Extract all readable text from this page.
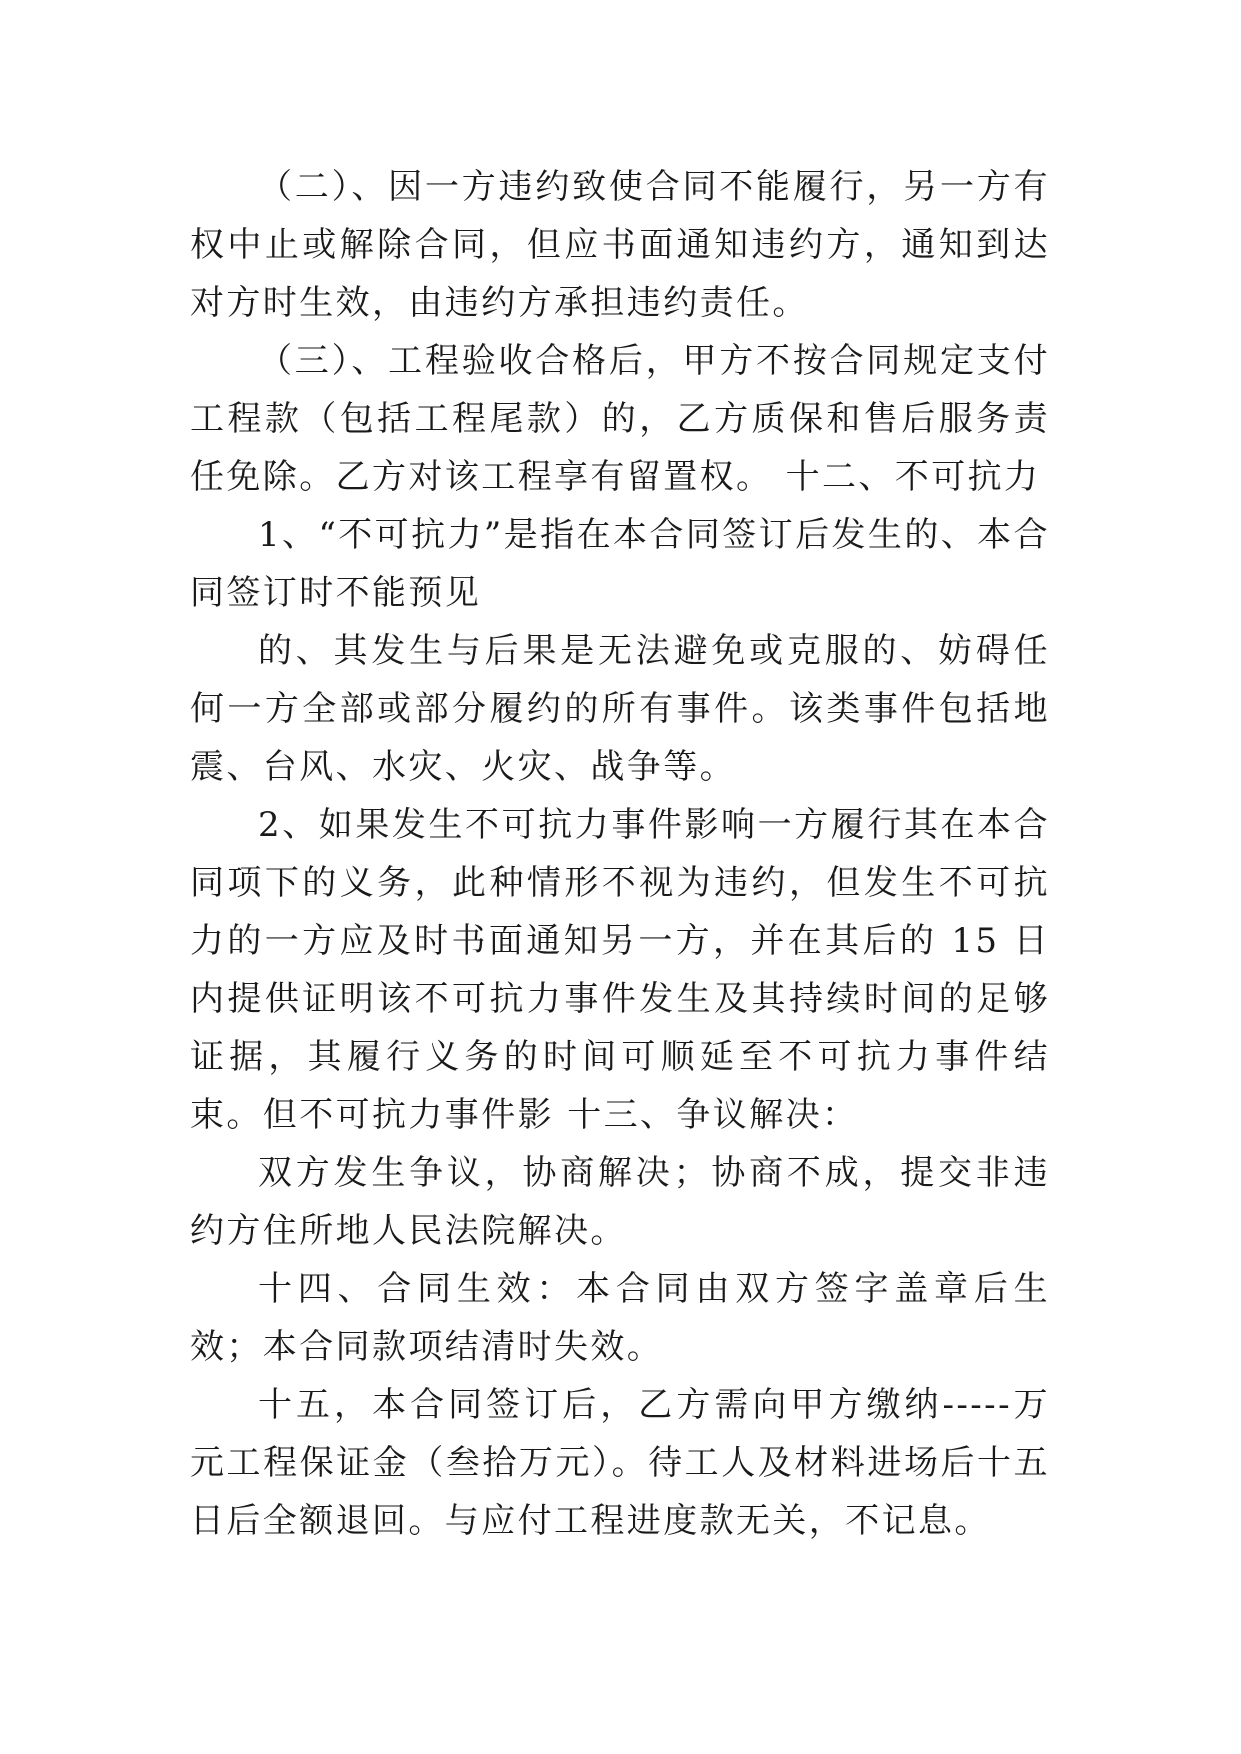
（二）、因一方违约致使合同不能履行，另一方有权中止或解除合同，但应书面通知违约方，通知到达对方时生效，由违约方承担违约责任。

（三）、工程验收合格后，甲方不按合同规定支付工程款（包括工程尾款）的，乙方质保和售后服务责任免除。乙方对该工程享有留置权。 十二、不可抗力

1、“不可抗力”是指在本合同签订后发生的、本合同签订时不能预见

的、其发生与后果是无法避免或克服的、妨碍任何一方全部或部分履约的所有事件。该类事件包括地震、台风、水灾、火灾、战争等。

2、如果发生不可抗力事件影响一方履行其在本合同项下的义务，此种情形不视为违约，但发生不可抗力的一方应及时书面通知另一方，并在其后的 15 日内提供证明该不可抗力事件发生及其持续时间的足够证据，其履行义务的时间可顺延至不可抗力事件结束。但不可抗力事件影 十三、争议解决：

双方发生争议，协商解决；协商不成，提交非违约方住所地人民法院解决。

十四、合同生效：本合同由双方签字盖章后生效；本合同款项结清时失效。

十五，本合同签订后，乙方需向甲方缴纳-----万元工程保证金（叁拾万元）。待工人及材料进场后十五日后全额退回。与应付工程进度款无关，不记息。
